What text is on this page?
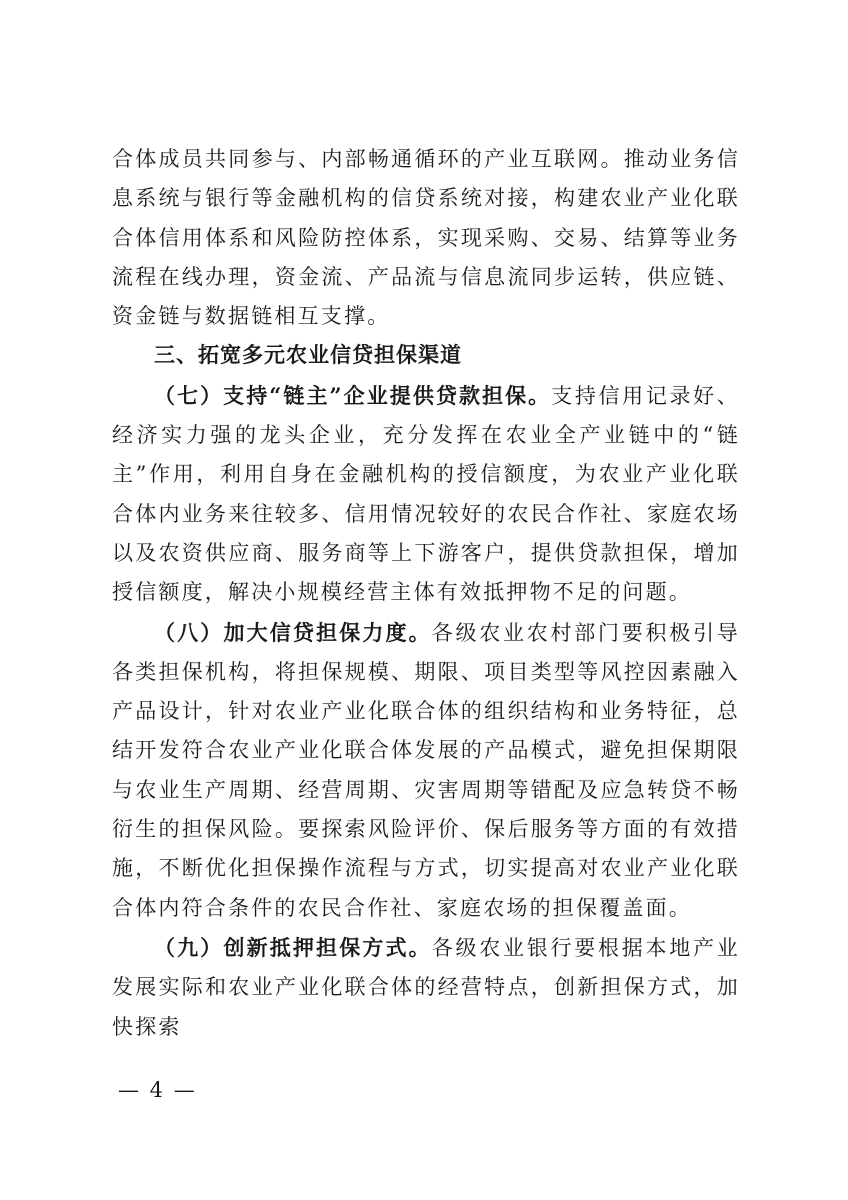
合体成员共同参与、内部畅通循环的产业互联网。推动业务信息系统与银行等金融机构的信贷系统对接，构建农业产业化联合体信用体系和风险防控体系，实现采购、交易、结算等业务流程在线办理，资金流、产品流与信息流同步运转，供应链、资金链与数据链相互支撑。

三、拓宽多元农业信贷担保渠道

（七）支持“链主”企业提供贷款担保。支持信用记录好、经济实力强的龙头企业，充分发挥在农业全产业链中的“链主”作用，利用自身在金融机构的授信额度，为农业产业化联合体内业务来往较多、信用情况较好的农民合作社、家庭农场以及农资供应商、服务商等上下游客户，提供贷款担保，增加授信额度，解决小规模经营主体有效抵押物不足的问题。

（八）加大信贷担保力度。各级农业农村部门要积极引导各类担保机构，将担保规模、期限、项目类型等风控因素融入产品设计，针对农业产业化联合体的组织结构和业务特征，总结开发符合农业产业化联合体发展的产品模式，避免担保期限与农业生产周期、经营周期、灾害周期等错配及应急转贷不畅衍生的担保风险。要探索风险评价、保后服务等方面的有效措施，不断优化担保操作流程与方式，切实提高对农业产业化联合体内符合条件的农民合作社、家庭农场的担保覆盖面。

（九）创新抵押担保方式。各级农业银行要根据本地产业发展实际和农业产业化联合体的经营特点，创新担保方式，加快探索

— 4 —
